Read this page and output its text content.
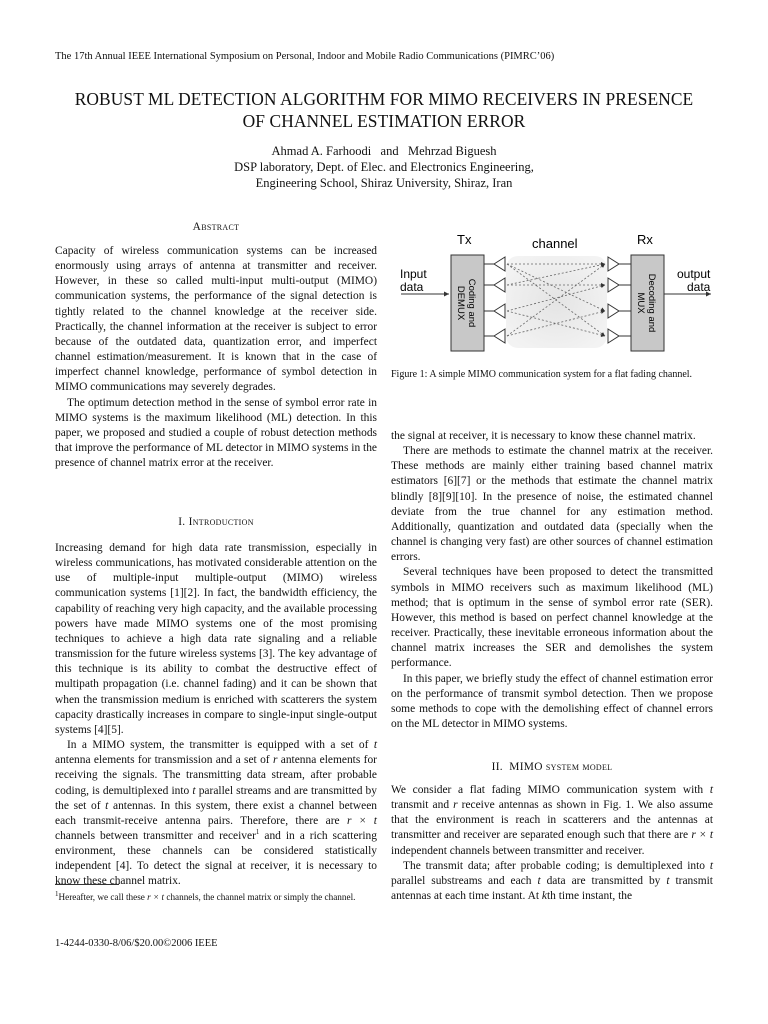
The 17th Annual IEEE International Symposium on Personal, Indoor and Mobile Radio Communications (PIMRC’06)
ROBUST ML DETECTION ALGORITHM FOR MIMO RECEIVERS IN PRESENCE
OF CHANNEL ESTIMATION ERROR
Ahmad A. Farhoodi   and   Mehrzad Biguesh
DSP laboratory, Dept. of Elec. and Electronics Engineering,
Engineering School, Shiraz University, Shiraz, Iran
Abstract

Capacity of wireless communication systems can be increased enormously using arrays of antenna at transmitter and receiver. However, in these so called multi-input multi-output (MIMO) communication systems, the performance of the signal detection is tightly related to the channel knowledge at the receiver side. Practically, the channel information at the receiver is subject to error because of the outdated data, quantization error, and imperfect channel estimation/measurement. It is known that in the case of imperfect channel knowledge, performance of symbol detection in MIMO communications may severely degrades.

The optimum detection method in the sense of symbol error rate in MIMO systems is the maximum likelihood (ML) detection. In this paper, we proposed and studied a couple of robust detection methods that improve the performance of ML detector in MIMO systems in the presence of channel matrix error at the receiver.

I. Introduction

Increasing demand for high data rate transmission, especially in wireless communications, has motivated considerable attention on the use of multiple-input multiple-output (MIMO) wireless communication systems [1][2]. In fact, the bandwidth efficiency, the capability of reaching very high capacity, and the available processing powers have made MIMO systems one of the most promising techniques to achieve a high data rate signaling and a reliable transmission for the future wireless systems [3]. The key advantage of this technique is its ability to combat the destructive effect of multipath propagation (i.e. channel fading) and it can be shown that when the transmission medium is enriched with scatterers the system capacity drastically increases in compare to single-input single-output systems [4][5].

In a MIMO system, the transmitter is equipped with a set of t antenna elements for transmission and a set of r antenna elements for receiving the signals. The transmitting data stream, after probable coding, is demultiplexed into t parallel streams and are transmitted by the set of t antennas. In this system, there exist a channel between each transmit-receive antenna pairs. Therefore, there are r × t channels between transmitter and receiver$^1$ and in a rich scattering environment, these channels can be considered statistically independent [4]. To detect the signal at receiver, it is necessary to know these channel matrix.

$^1$Hereafter, we call these r × t channels, the channel matrix or simply the channel.
1-4244-0330-8/06/$20.00©2006 IEEE
Tx	Rx
channel
Input
data
output
data
Coding and
DEMUX	Decoding and
MUX
Figure 1: A simple MIMO communication system for a flat fading channel.

the signal at receiver, it is necessary to know these channel matrix.

There are methods to estimate the channel matrix at the receiver. These methods are mainly either training based channel matrix estimators [6][7] or the methods that estimate the channel matrix blindly [8][9][10]. In the presence of noise, the estimated channel deviate from the true channel for any estimation method. Additionally, quantization and outdated data (specially when the channel is changing very fast) are other sources of channel estimation errors.

Several techniques have been proposed to detect the transmitted symbols in MIMO receivers such as maximum likelihood (ML) method; that is optimum in the sense of symbol error rate (SER). However, this method is based on perfect channel knowledge at the receiver. Practically, these inevitable erroneous information about the channel matrix increases the SER and demolishes the system performance.

In this paper, we briefly study the effect of channel estimation error on the performance of transmit symbol detection. Then we propose some methods to cope with the demolishing effect of channel errors on the ML detector in MIMO systems.

II. MIMO system model

We consider a flat fading MIMO communication system with t transmit and r receive antennas as shown in Fig. 1. We also assume that the environment is reach in scatterers and the antennas at transmitter and receiver are separated enough such that there are r × t independent channels between transmitter and receiver.

The transmit data; after probable coding; is demultiplexed into t parallel substreams and each t data are transmitted by t transmit antennas at each time instant. At kth time instant, the
